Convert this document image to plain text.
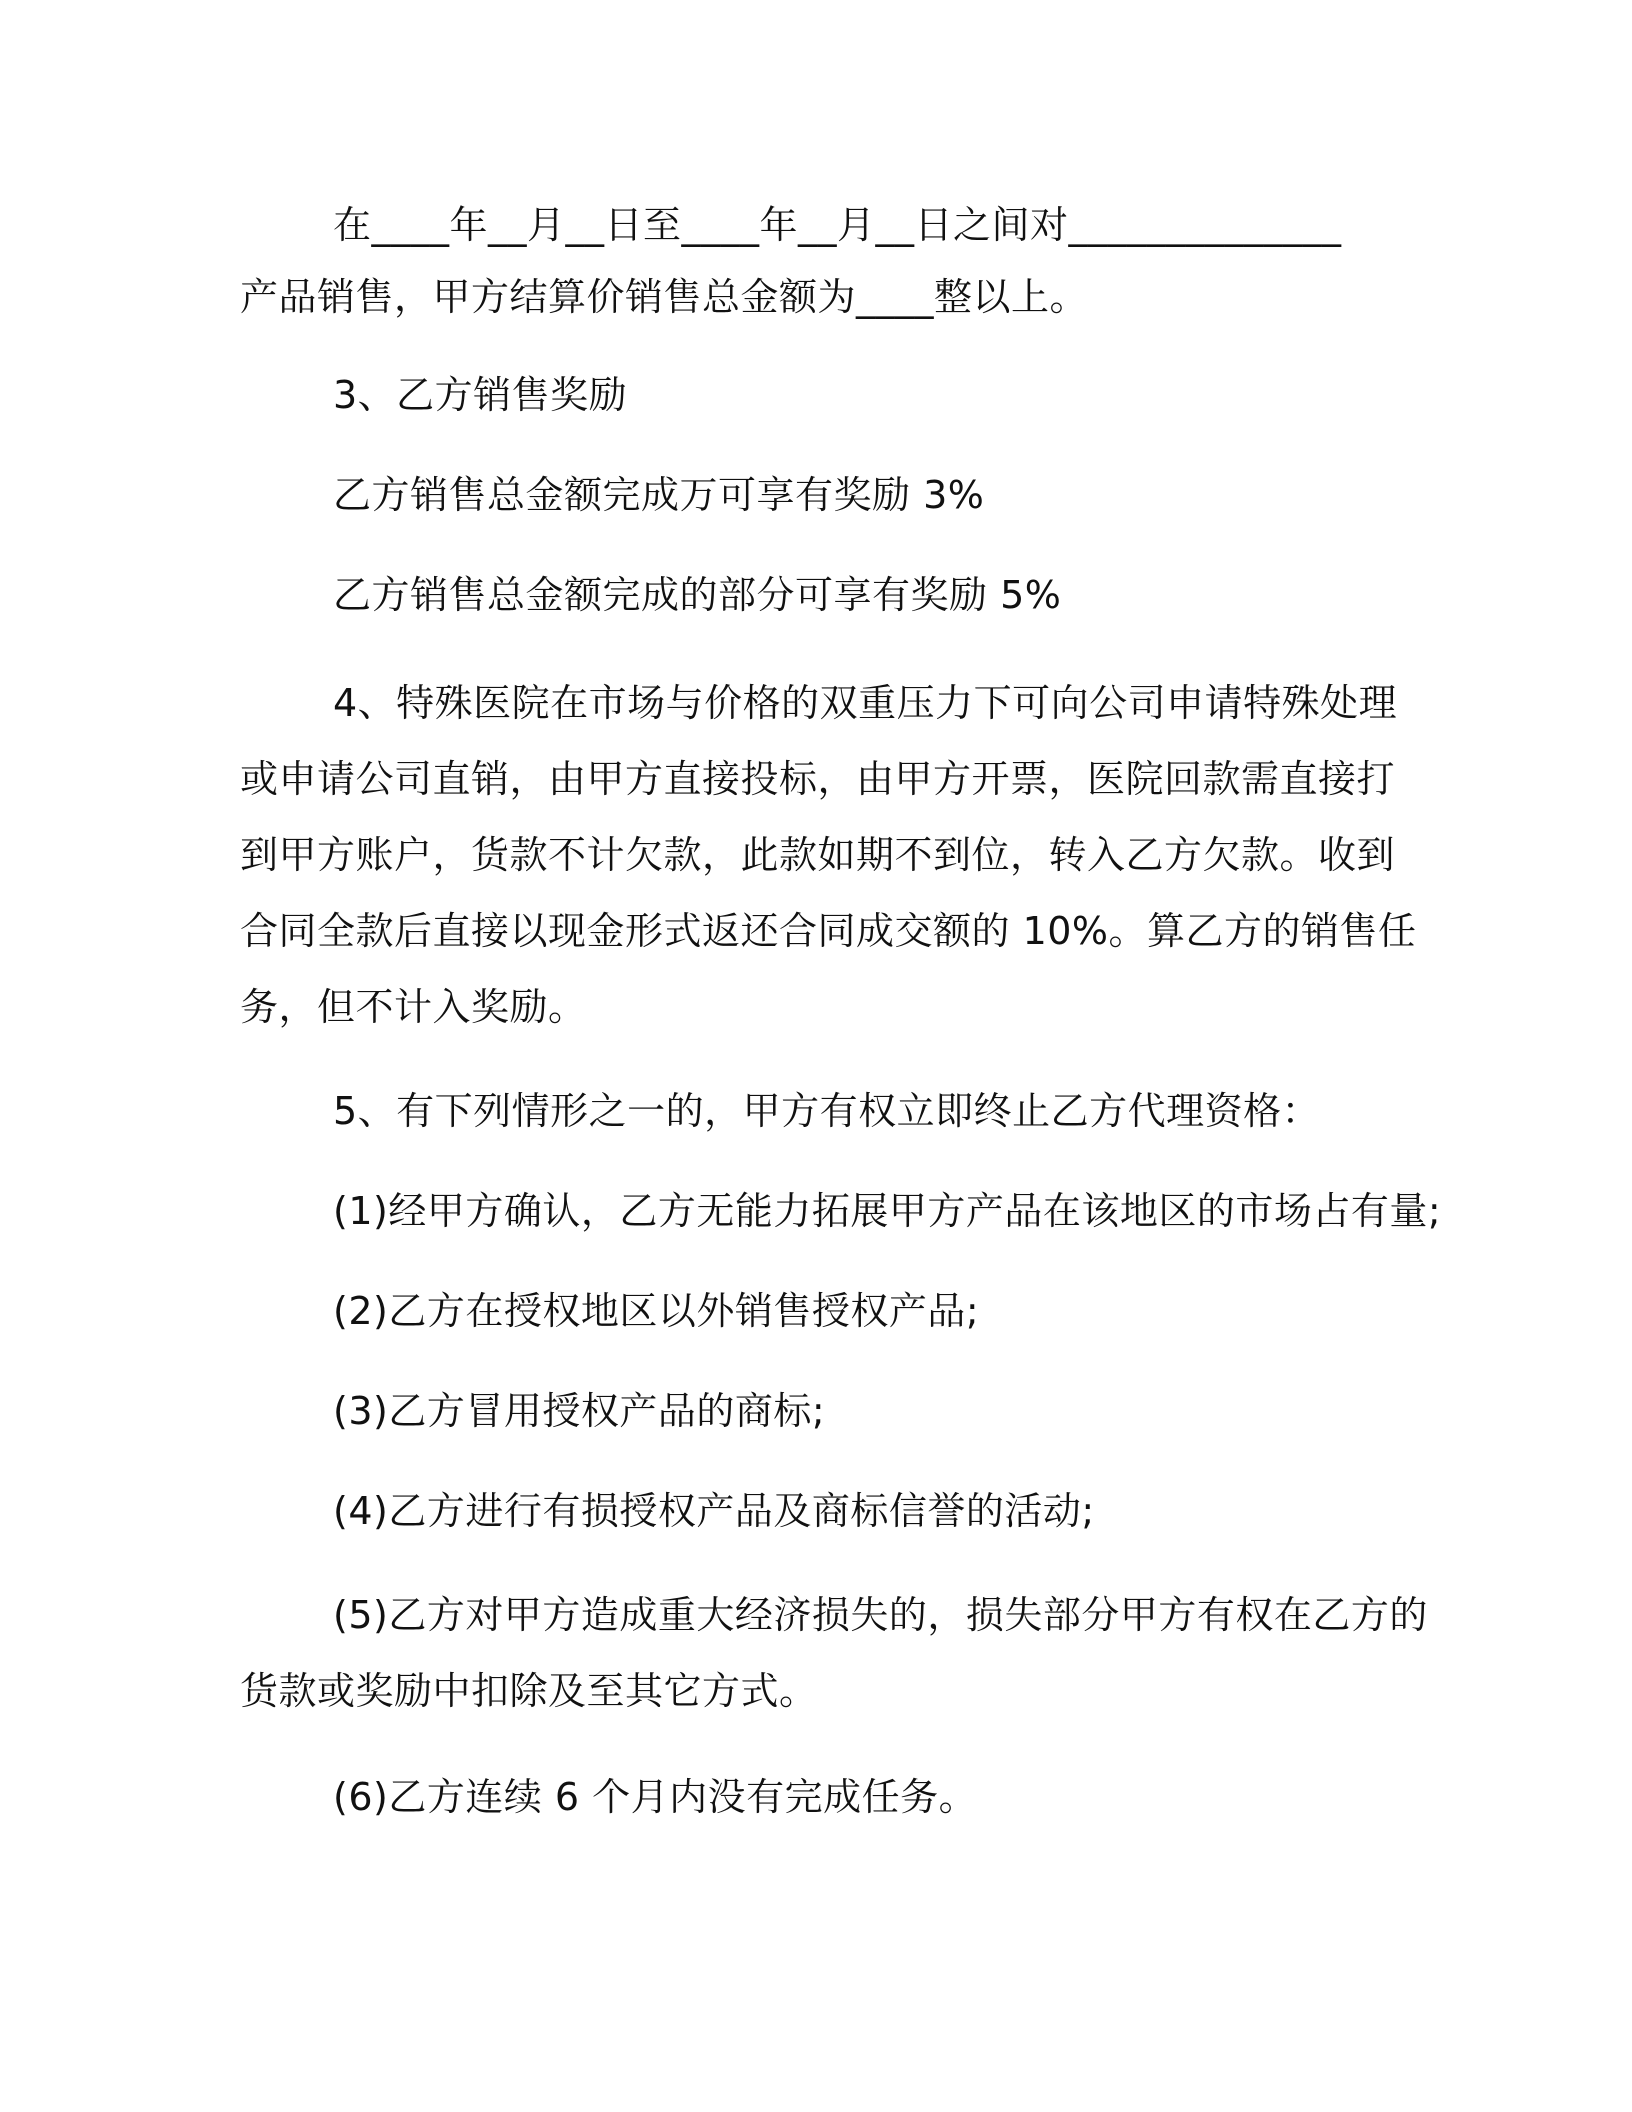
在____年__月__日至____年__月__日之间对______________
产品销售，甲方结算价销售总金额为____整以上。
3、乙方销售奖励
乙方销售总金额完成万可享有奖励 3%
乙方销售总金额完成的部分可享有奖励 5%
4、特殊医院在市场与价格的双重压力下可向公司申请特殊处理
或申请公司直销，由甲方直接投标，由甲方开票，医院回款需直接打
到甲方账户，货款不计欠款，此款如期不到位，转入乙方欠款。收到
合同全款后直接以现金形式返还合同成交额的 10%。算乙方的销售任
务，但不计入奖励。
5、有下列情形之一的，甲方有权立即终止乙方代理资格：
(1)经甲方确认，乙方无能力拓展甲方产品在该地区的市场占有量;
(2)乙方在授权地区以外销售授权产品;
(3)乙方冒用授权产品的商标;
(4)乙方进行有损授权产品及商标信誉的活动;
(5)乙方对甲方造成重大经济损失的，损失部分甲方有权在乙方的
货款或奖励中扣除及至其它方式。
(6)乙方连续 6 个月内没有完成任务。
